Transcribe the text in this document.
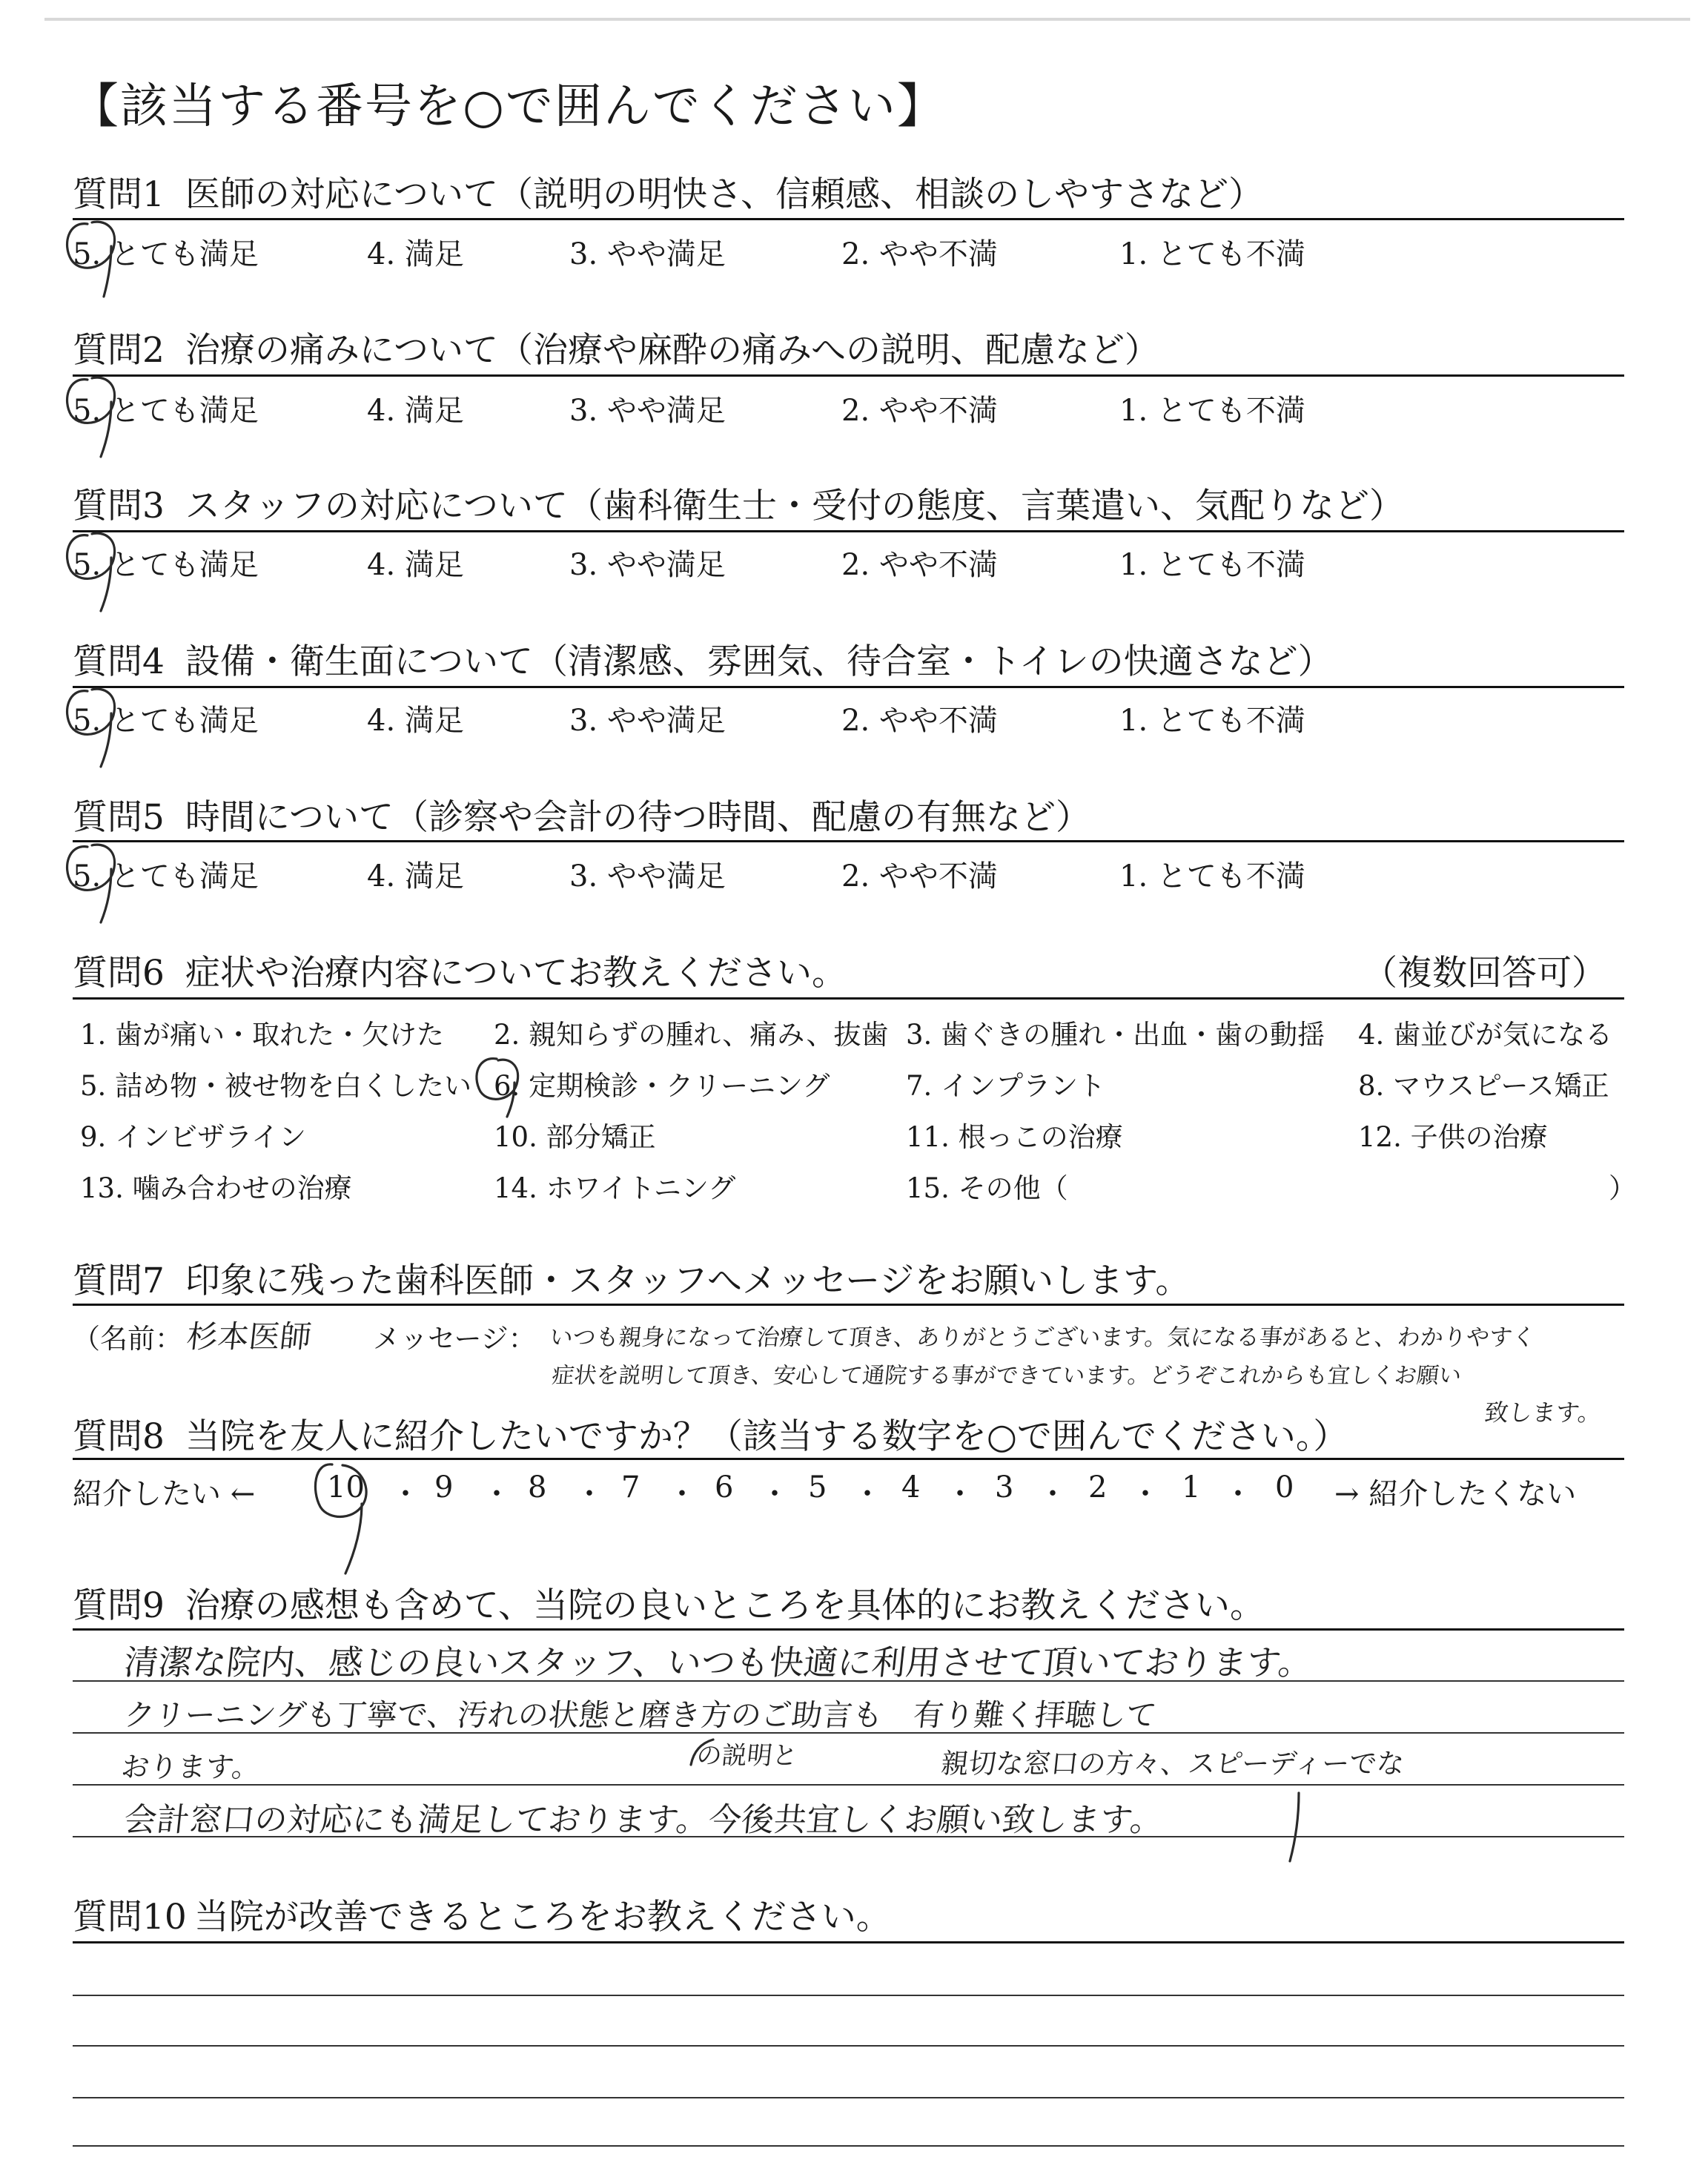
【該当する番号を○で囲んでください】
質問1 医師の対応について（説明の明快さ、信頼感、相談のしやすさなど）
5. とても満足	4. 満足	3. やや満足	2. やや不満	1. とても不満
質問2 治療の痛みについて（治療や麻酔の痛みへの説明、配慮など）
5. とても満足	4. 満足	3. やや満足	2. やや不満	1. とても不満
質問3 スタッフの対応について（歯科衛生士・受付の態度、言葉遣い、気配りなど）
5. とても満足	4. 満足	3. やや満足	2. やや不満	1. とても不満
質問4 設備・衛生面について（清潔感、雰囲気、待合室・トイレの快適さなど）
5. とても満足	4. 満足	3. やや満足	2. やや不満	1. とても不満
質問5 時間について（診察や会計の待つ時間、配慮の有無など）
5. とても満足	4. 満足	3. やや満足	2. やや不満	1. とても不満
質問6 症状や治療内容についてお教えください。	（複数回答可）
1. 歯が痛い・取れた・欠けた 2. 親知らずの腫れ、痛み、抜歯 3. 歯ぐきの腫れ・出血・歯の動揺 4. 歯並びが気になる
5. 詰め物・被せ物を白くしたい 6. 定期検診・クリーニング	7. インプラント	8. マウスピース矯正
9. インビザライン	10. 部分矯正	11. 根っこの治療	12. 子供の治療
13. 噛み合わせの治療	14. ホワイトニング	15. その他（	）
質問7 印象に残った歯科医師・スタッフへメッセージをお願いします。
（名前： 杉本医師 メッセージ： いつも親身になって治療して頂き、ありがとうございます。気になる事があると、わかりやすく
症状を説明して頂き、安心して通院する事ができています。どうぞこれからも宜しくお願い
致します。
質問8 当院を友人に紹介したいですか？（該当する数字を○で囲んでください。）
紹介したい ← 10 ・ 9 ・ 8 ・ 7 ・ 6 ・ 5 ・ 4 ・ 3 ・ 2 ・ 1 ・ 0 → 紹介したくない
質問9 治療の感想も含めて、当院の良いところを具体的にお教えください。
清潔な院内、感じの良いスタッフ、いつも快適に利用させて頂いております。
クリーニングも丁寧で、汚れの状態と磨き方のご助言も　有り難く拝聴して
おります。	の説明と	親切な窓口の方々、スピーディーでな
会計窓口の対応にも満足しております。今後共宜しくお願い致します。
質問10 当院が改善できるところをお教えください。
